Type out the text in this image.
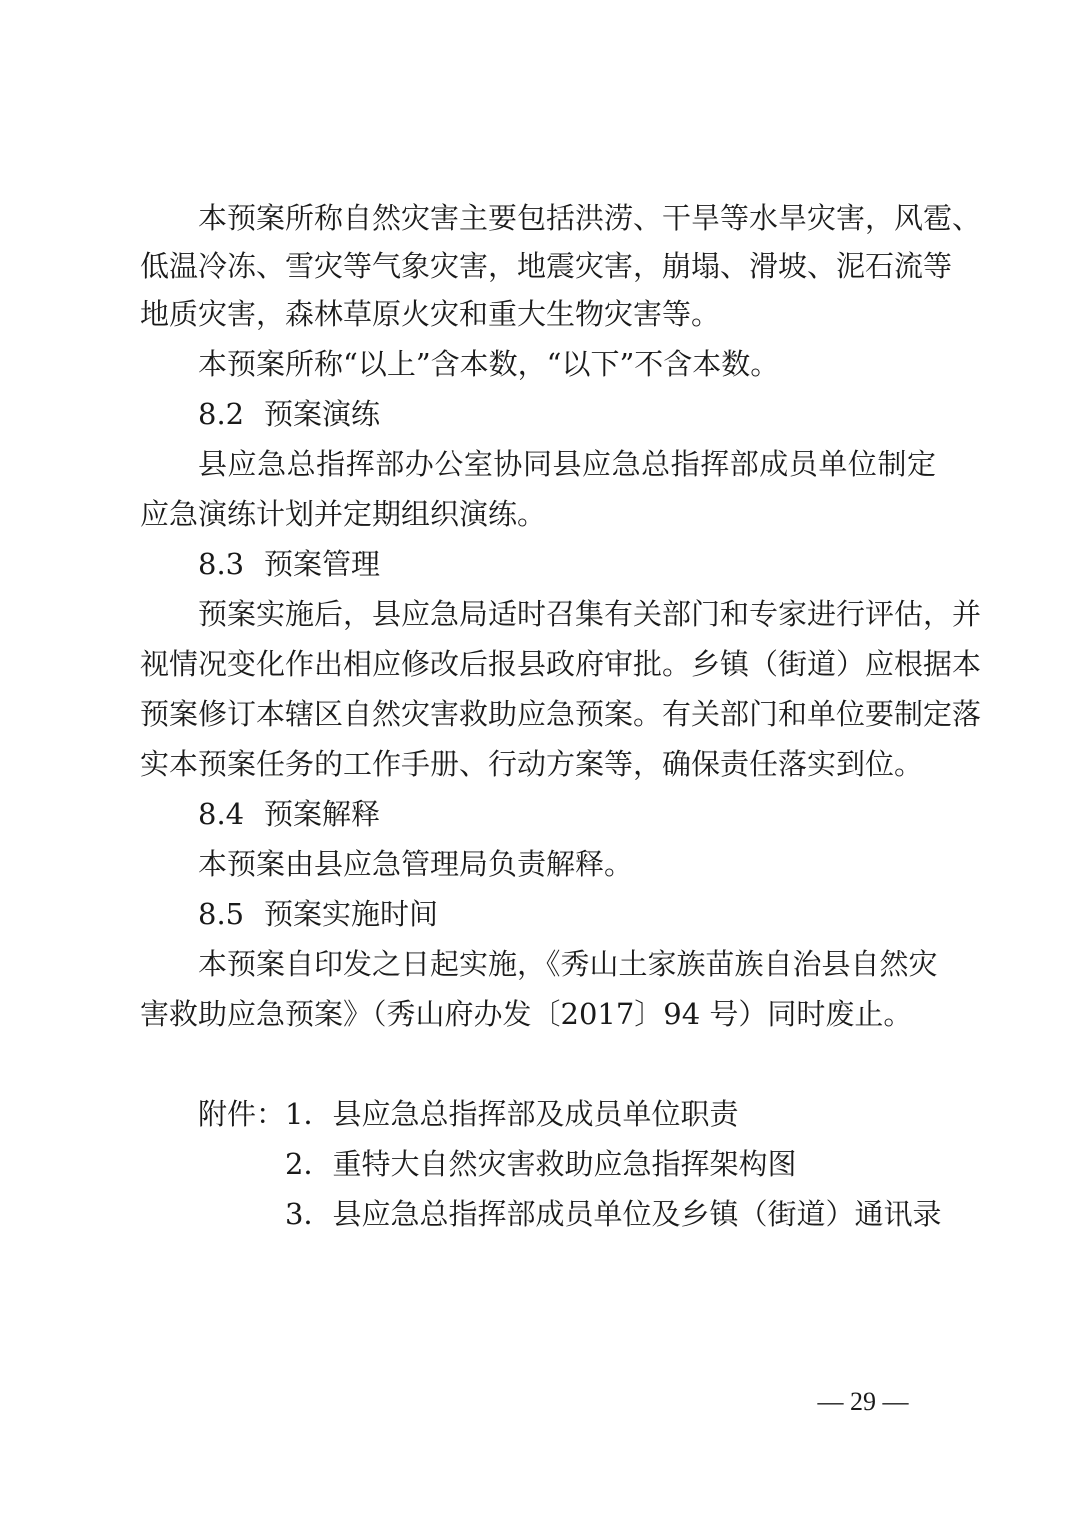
本预案所称自然灾害主要包括洪涝、干旱等水旱灾害，风雹、
低温冷冻、雪灾等气象灾害，地震灾害，崩塌、滑坡、泥石流等
地质灾害，森林草原火灾和重大生物灾害等。
本预案所称“以上”含本数，“以下”不含本数。
8.2 预案演练
县应急总指挥部办公室协同县应急总指挥部成员单位制定
应急演练计划并定期组织演练。
8.3 预案管理
预案实施后，县应急局适时召集有关部门和专家进行评估，并
视情况变化作出相应修改后报县政府审批。乡镇（街道）应根据本
预案修订本辖区自然灾害救助应急预案。有关部门和单位要制定落
实本预案任务的工作手册、行动方案等，确保责任落实到位。
8.4 预案解释
本预案由县应急管理局负责解释。
8.5 预案实施时间
本预案自印发之日起实施，《秀山土家族苗族自治县自然灾
害救助应急预案》（秀山府办发〔2017〕94 号）同时废止。
附件：1．县应急总指挥部及成员单位职责
2．重特大自然灾害救助应急指挥架构图
3．县应急总指挥部成员单位及乡镇（街道）通讯录
— 29 —
